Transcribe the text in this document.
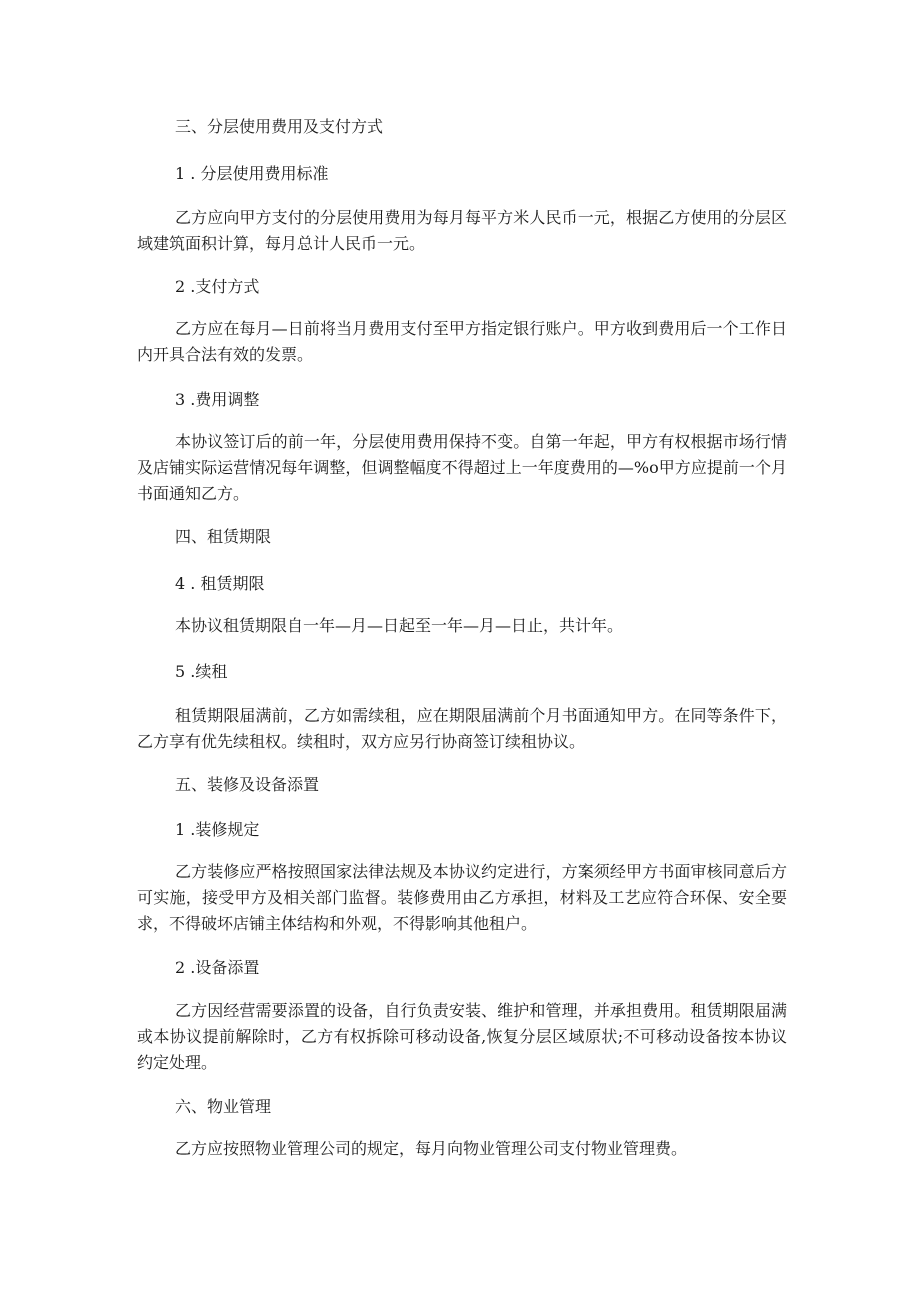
三、分层使用费用及支付方式
1 . 分层使用费用标准
乙方应向甲方支付的分层使用费用为每月每平方米人民币一元，根据乙方使用的分层区域建筑面积计算，每月总计人民币一元。
2 .支付方式
乙方应在每月—日前将当月费用支付至甲方指定银行账户。甲方收到费用后一个工作日内开具合法有效的发票。
3 .费用调整
本协议签订后的前一年，分层使用费用保持不变。自第一年起，甲方有权根据市场行情及店铺实际运营情况每年调整，但调整幅度不得超过上一年度费用的—%o甲方应提前一个月书面通知乙方。
四、租赁期限
4 . 租赁期限
本协议租赁期限自一年—月—日起至一年—月—日止，共计年。
5 .续租
租赁期限届满前，乙方如需续租，应在期限届满前个月书面通知甲方。在同等条件下，乙方享有优先续租权。续租时，双方应另行协商签订续租协议。
五、装修及设备添置
1 .装修规定
乙方装修应严格按照国家法律法规及本协议约定进行，方案须经甲方书面审核同意后方可实施，接受甲方及相关部门监督。装修费用由乙方承担，材料及工艺应符合环保、安全要求，不得破坏店铺主体结构和外观，不得影响其他租户。
2 .设备添置
乙方因经营需要添置的设备，自行负责安装、维护和管理，并承担费用。租赁期限届满或本协议提前解除时，乙方有权拆除可移动设备,恢复分层区域原状;不可移动设备按本协议约定处理。
六、物业管理
乙方应按照物业管理公司的规定，每月向物业管理公司支付物业管理费。
